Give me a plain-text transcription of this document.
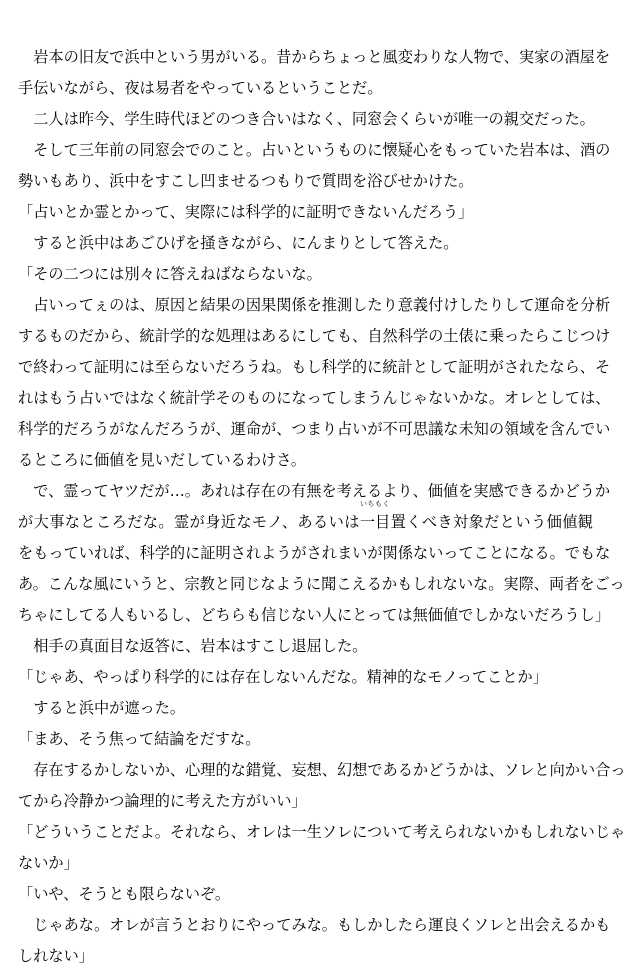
　岩本の旧友で浜中という男がいる。昔からちょっと風変わりな人物で、実家の酒屋を

手伝いながら、夜は易者をやっているということだ。

　二人は昨今、学生時代ほどのつき合いはなく、同窓会くらいが唯一の親交だった。

　そして三年前の同窓会でのこと。占いというものに懐疑心をもっていた岩本は、酒の

勢いもあり、浜中をすこし凹ませるつもりで質問を浴びせかけた。

「占いとか霊とかって、実際には科学的に証明できないんだろう」

　すると浜中はあごひげを掻きながら、にんまりとして答えた。

「その二つには別々に答えねばならないな。

　占いってぇのは、原因と結果の因果関係を推測したり意義付けしたりして運命を分析

するものだから、統計学的な処理はあるにしても、自然科学の土俵に乗ったらこじつけ

で終わって証明には至らないだろうね。もし科学的に統計として証明がされたなら、そ

れはもう占いではなく統計学そのものになってしまうんじゃないかな。オレとしては、

科学的だろうがなんだろうが、運命が、つまり占いが不可思議な未知の領域を含んでい

るところに価値を見いだしているわけさ。

　で、霊ってヤツだが…。あれは存在の有無を考えるより、価値を実感できるかどうか

が大事なところだな。霊が身近なモノ、あるいは
いちもく
一目置くべき対象だという価値観

をもっていれば、科学的に証明されようがされまいが関係ないってことになる。でもな

あ。こんな風にいうと、宗教と同じなように聞こえるかもしれないな。実際、両者をごっ

ちゃにしてる人もいるし、どちらも信じない人にとっては無価値でしかないだろうし」

　相手の真面目な返答に、岩本はすこし退屈した。

「じゃあ、やっぱり科学的には存在しないんだな。精神的なモノってことか」

　すると浜中が遮った。

「まあ、そう焦って結論をだすな。

　存在するかしないか、心理的な錯覚、妄想、幻想であるかどうかは、ソレと向かい合っ

てから冷静かつ論理的に考えた方がいい」

「どういうことだよ。それなら、オレは一生ソレについて考えられないかもしれないじゃ

ないか」

「いや、そうとも限らないぞ。

　じゃあな。オレが言うとおりにやってみな。もしかしたら運良くソレと出会えるかも

しれない」
